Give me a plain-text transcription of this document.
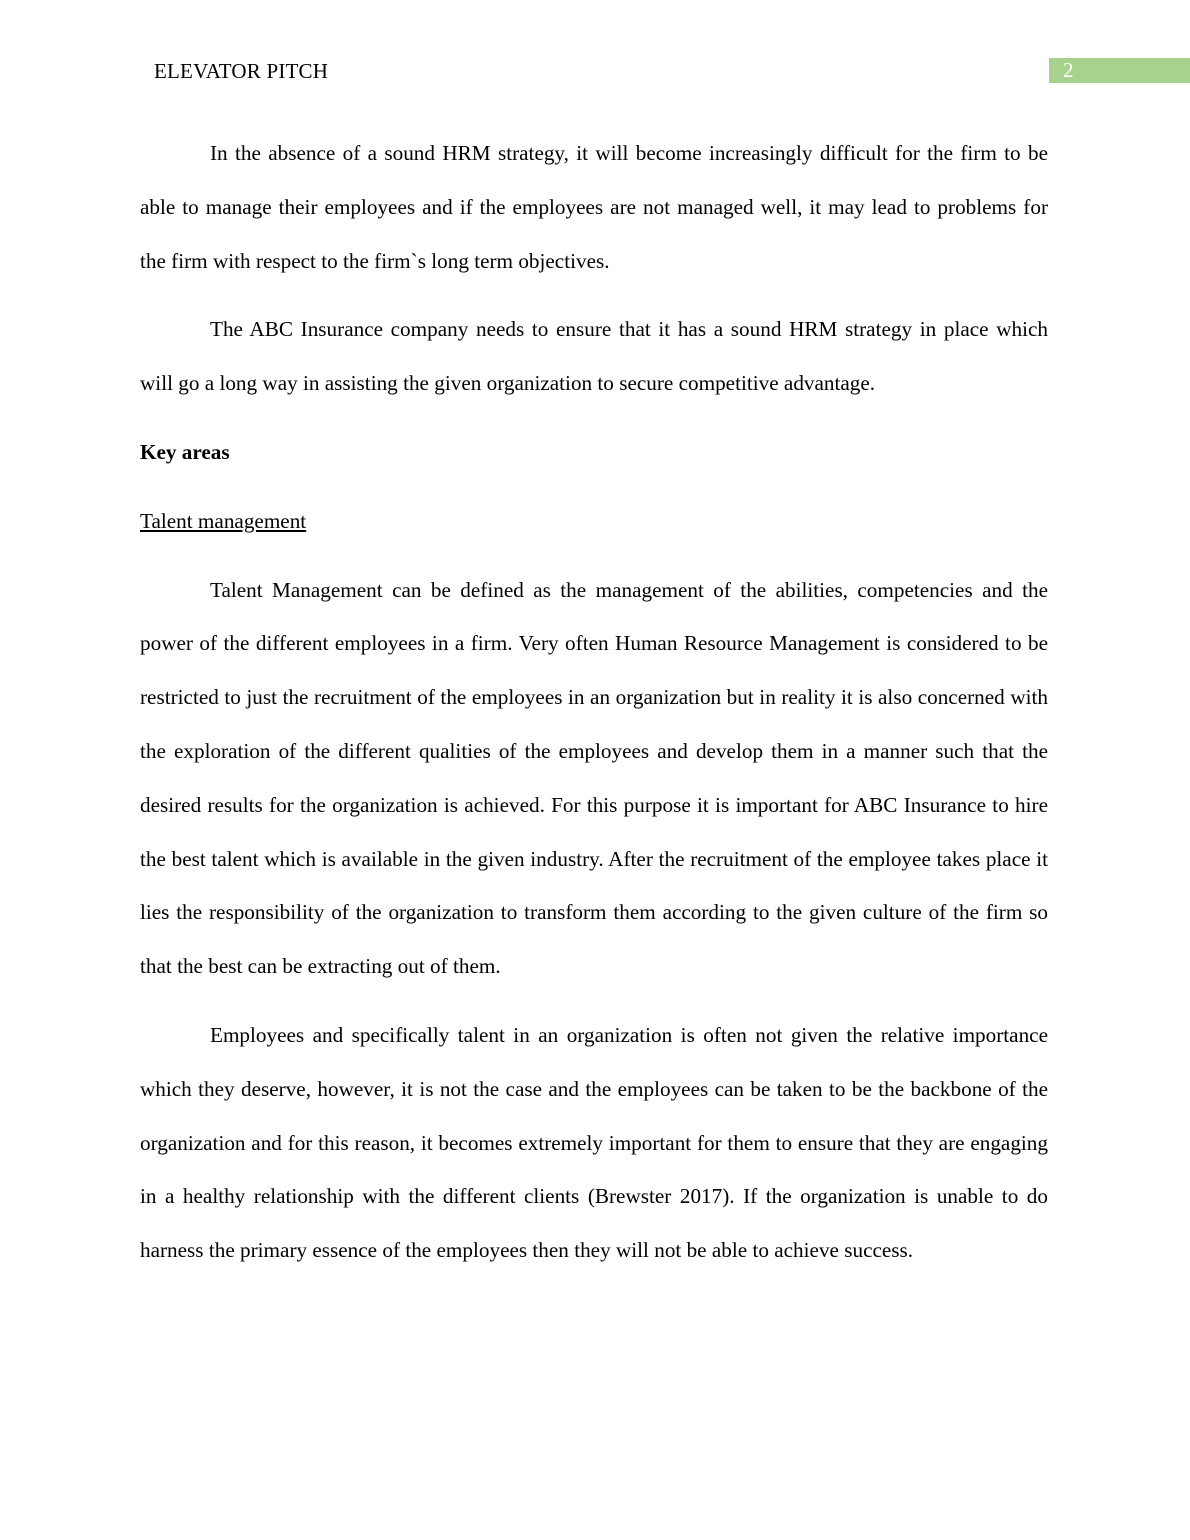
ELEVATOR PITCH	2

In the absence of a sound HRM strategy, it will become increasingly difficult for the firm to be able to manage their employees and if the employees are not managed well, it may lead to problems for the firm with respect to the firm`s long term objectives.

The ABC Insurance company needs to ensure that it has a sound HRM strategy in place which will go a long way in assisting the given organization to secure competitive advantage.

Key areas
Talent management

Talent Management can be defined as the management of the abilities, competencies and the power of the different employees in a firm. Very often Human Resource Management is considered to be restricted to just the recruitment of the employees in an organization but in reality it is also concerned with the exploration of the different qualities of the employees and develop them in a manner such that the desired results for the organization is achieved. For this purpose it is important for ABC Insurance to hire the best talent which is available in the given industry. After the recruitment of the employee takes place it lies the responsibility of the organization to transform them according to the given culture of the firm so that the best can be extracting out of them.

Employees and specifically talent in an organization is often not given the relative importance which they deserve, however, it is not the case and the employees can be taken to be the backbone of the organization and for this reason, it becomes extremely important for them to ensure that they are engaging in a healthy relationship with the different clients (Brewster 2017). If the organization is unable to do harness the primary essence of the employees then they will not be able to achieve success.
